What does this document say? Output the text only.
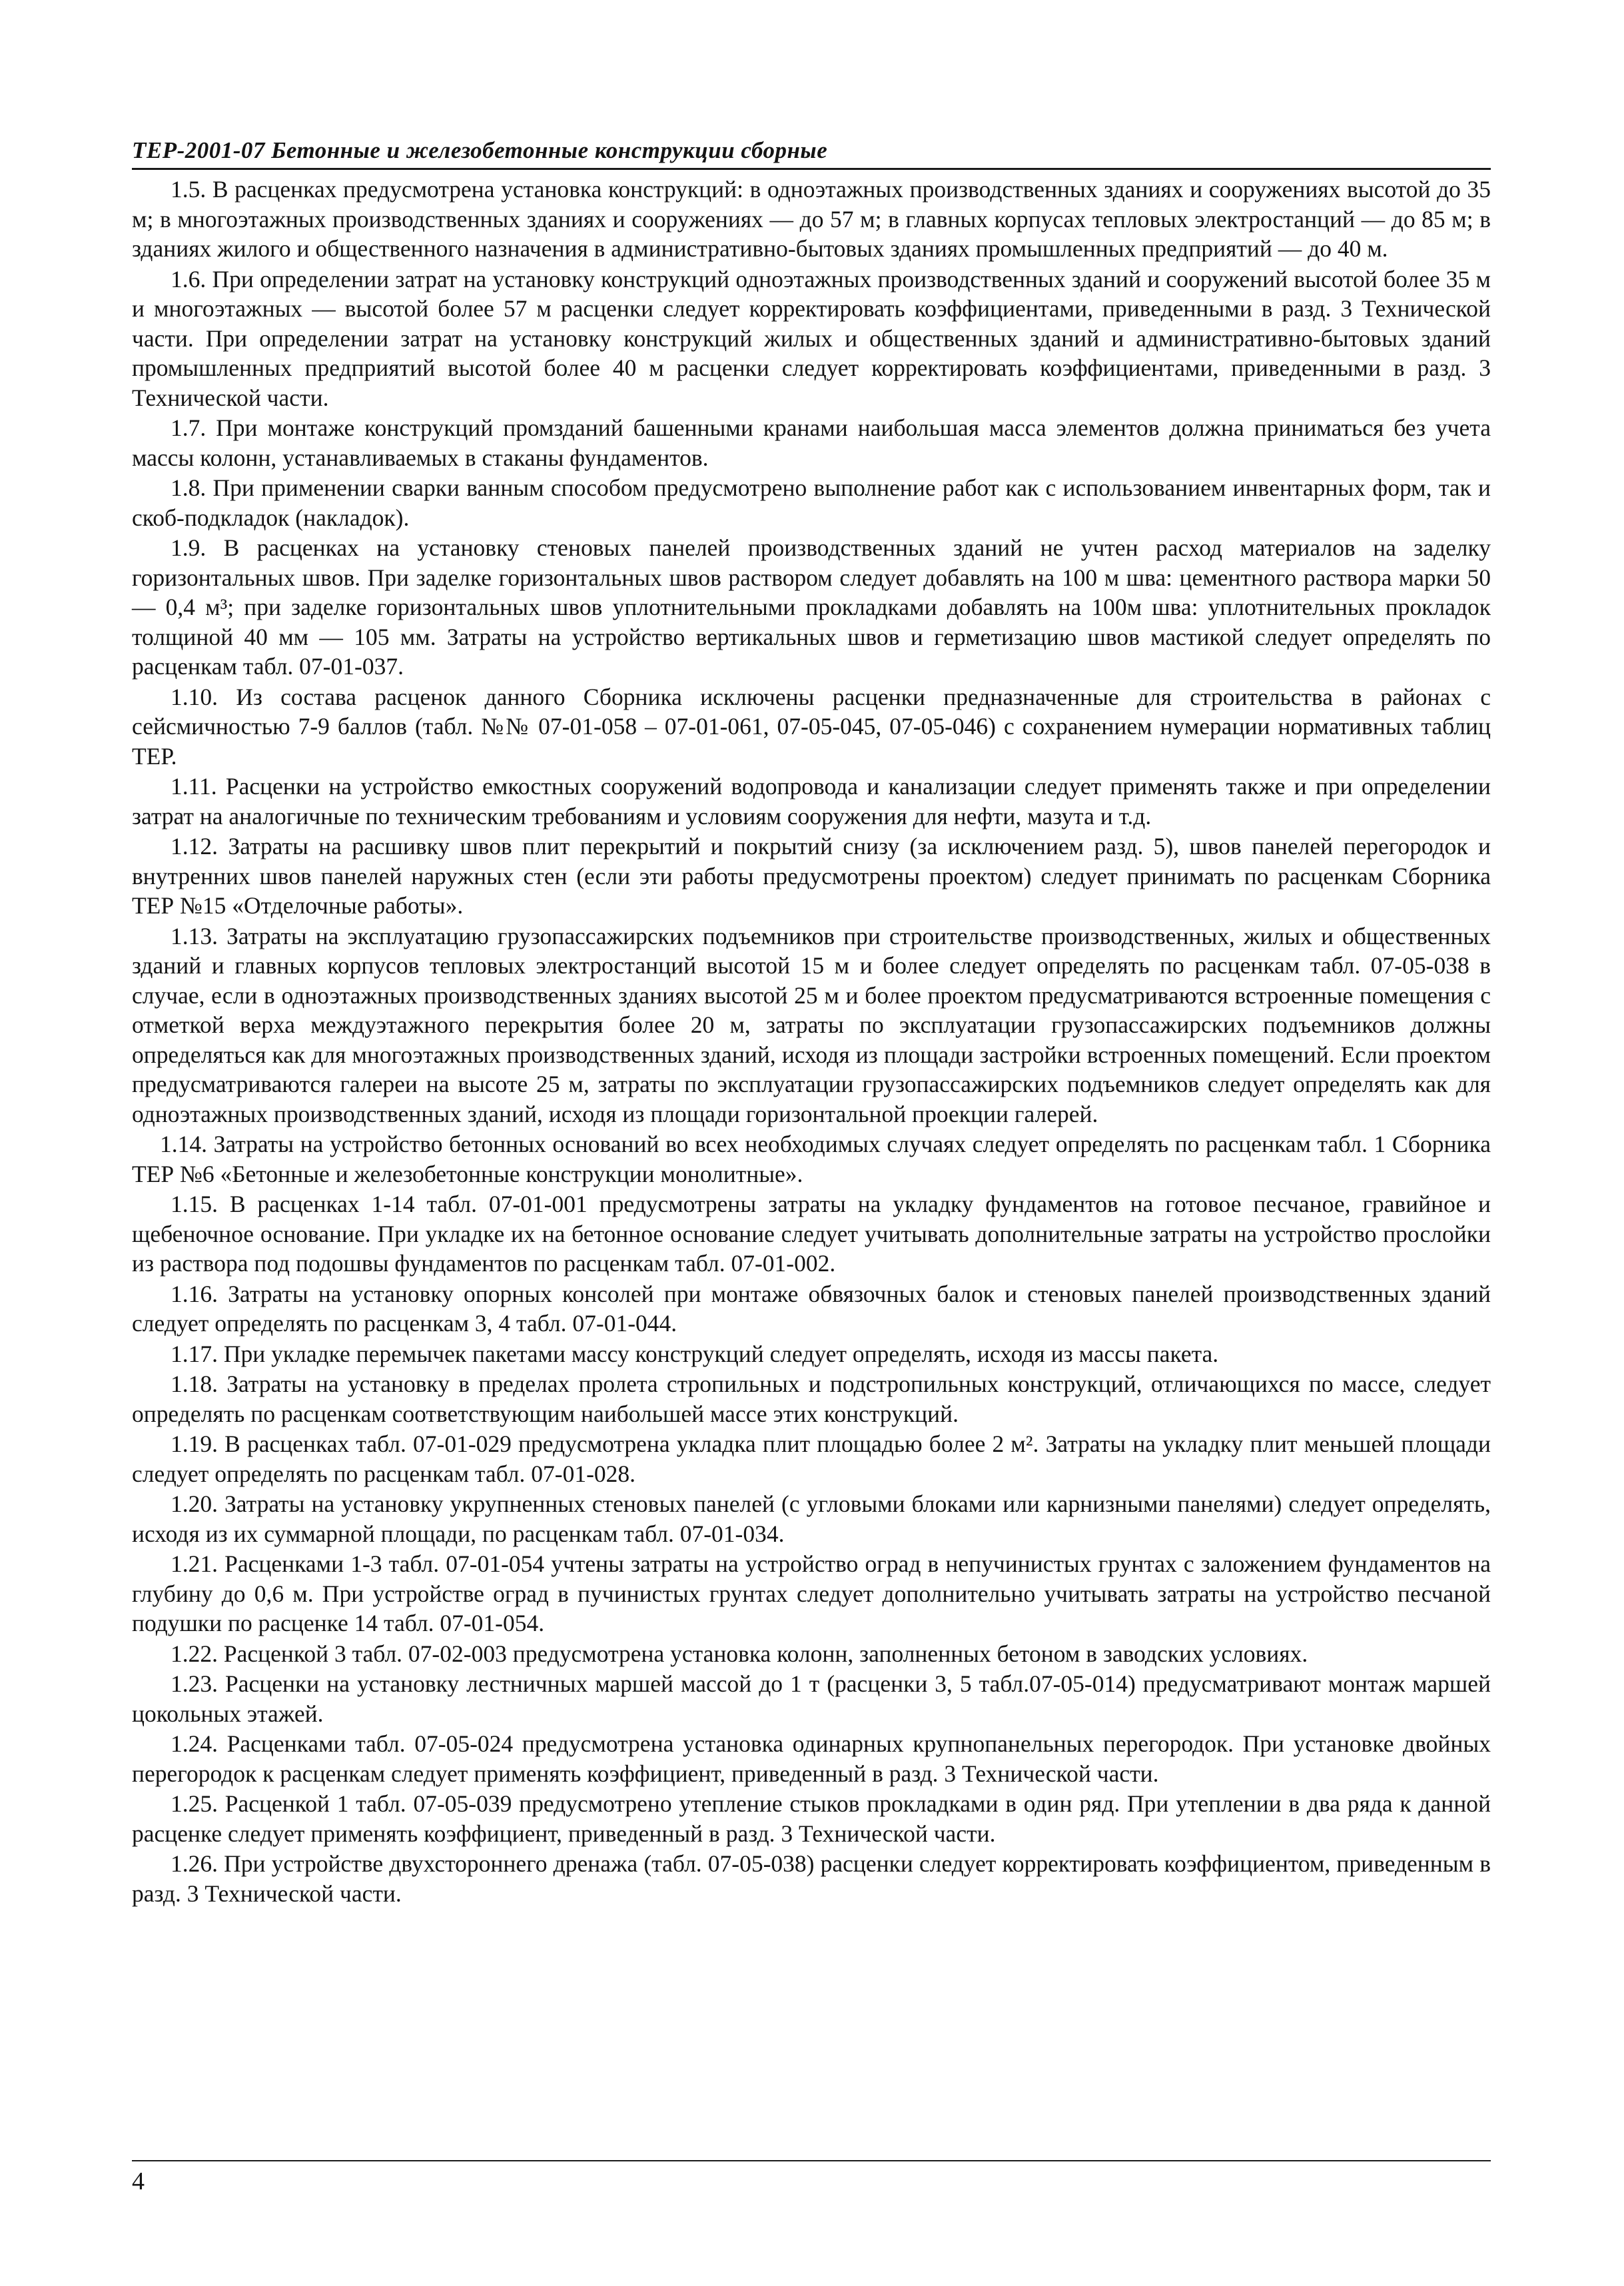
ТЕР-2001-07 Бетонные и железобетонные конструкции сборные

1.5. В расценках предусмотрена установка конструкций: в одноэтажных производственных зданиях и сооружениях высотой до 35 м; в многоэтажных производственных зданиях и сооружениях — до 57 м; в главных корпусах тепловых электростанций — до 85 м; в зданиях жилого и общественного назначения в административно-бытовых зданиях промышленных предприятий — до 40 м.

1.6. При определении затрат на установку конструкций одноэтажных производственных зданий и сооружений высотой более 35 м и многоэтажных — высотой более 57 м расценки следует корректировать коэффициентами, приведенными в разд. 3 Технической части. При определении затрат на установку конструкций жилых и общественных зданий и административно-бытовых зданий промышленных предприятий высотой более 40 м расценки следует корректировать коэффициентами, приведенными в разд. 3 Технической части.

1.7. При монтаже конструкций промзданий башенными кранами наибольшая масса элементов должна приниматься без учета массы колонн, устанавливаемых в стаканы фундаментов.

1.8. При применении сварки ванным способом предусмотрено выполнение работ как с использованием инвентарных форм, так и скоб-подкладок (накладок).

1.9. В расценках на установку стеновых панелей производственных зданий не учтен расход материалов на заделку горизонтальных швов. При заделке горизонтальных швов раствором следует добавлять на 100 м шва: цементного раствора марки 50 — 0,4 м³; при заделке горизонтальных швов уплотнительными прокладками добавлять на 100м шва: уплотнительных прокладок толщиной 40 мм — 105 мм. Затраты на устройство вертикальных швов и герметизацию швов мастикой следует определять по расценкам табл. 07-01-037.

1.10. Из состава расценок данного Сборника исключены расценки предназначенные для строительства в районах с сейсмичностью 7-9 баллов (табл. №№ 07-01-058 – 07-01-061, 07-05-045, 07-05-046) с сохранением нумерации нормативных таблиц ТЕР.

1.11. Расценки на устройство емкостных сооружений водопровода и канализации следует применять также и при определении затрат на аналогичные по техническим требованиям и условиям сооружения для нефти, мазута и т.д.

1.12. Затраты на расшивку швов плит перекрытий и покрытий снизу (за исключением разд. 5), швов панелей перегородок и внутренних швов панелей наружных стен (если эти работы предусмотрены проектом) следует принимать по расценкам Сборника ТЕР №15 «Отделочные работы».

1.13. Затраты на эксплуатацию грузопассажирских подъемников при строительстве производственных, жилых и общественных зданий и главных корпусов тепловых электростанций высотой 15 м и более следует определять по расценкам табл. 07-05-038 в случае, если в одноэтажных производственных зданиях высотой 25 м и более проектом предусматриваются встроенные помещения с отметкой верха междуэтажного перекрытия более 20 м, затраты по эксплуатации грузопассажирских подъемников должны определяться как для многоэтажных производственных зданий, исходя из площади застройки встроенных помещений. Если проектом предусматриваются галереи на высоте 25 м, затраты по эксплуатации грузопассажирских подъемников следует определять как для одноэтажных производственных зданий, исходя из площади горизонтальной проекции галерей.

1.14. Затраты на устройство бетонных оснований во всех необходимых случаях следует определять по расценкам табл. 1 Сборника ТЕР №6 «Бетонные и железобетонные конструкции монолитные».

1.15. В расценках 1-14 табл. 07-01-001 предусмотрены затраты на укладку фундаментов на готовое песчаное, гравийное и щебеночное основание. При укладке их на бетонное основание следует учитывать дополнительные затраты на устройство прослойки из раствора под подошвы фундаментов по расценкам табл. 07-01-002.

1.16. Затраты на установку опорных консолей при монтаже обвязочных балок и стеновых панелей производственных зданий следует определять по расценкам 3, 4 табл. 07-01-044.

1.17. При укладке перемычек пакетами массу конструкций следует определять, исходя из массы пакета.

1.18. Затраты на установку в пределах пролета стропильных и подстропильных конструкций, отличающихся по массе, следует определять по расценкам соответствующим наибольшей массе этих конструкций.

1.19. В расценках табл. 07-01-029 предусмотрена укладка плит площадью более 2 м². Затраты на укладку плит меньшей площади следует определять по расценкам табл. 07-01-028.

1.20. Затраты на установку укрупненных стеновых панелей (с угловыми блоками или карнизными панелями) следует определять, исходя из их суммарной площади, по расценкам табл. 07-01-034.

1.21. Расценками 1-3 табл. 07-01-054 учтены затраты на устройство оград в непучинистых грунтах с заложением фундаментов на глубину до 0,6 м. При устройстве оград в пучинистых грунтах следует дополнительно учитывать затраты на устройство песчаной подушки по расценке 14 табл. 07-01-054.

1.22. Расценкой 3 табл. 07-02-003 предусмотрена установка колонн, заполненных бетоном в заводских условиях.

1.23. Расценки на установку лестничных маршей массой до 1 т (расценки 3, 5 табл.07-05-014) предусматривают монтаж маршей цокольных этажей.

1.24. Расценками табл. 07-05-024 предусмотрена установка одинарных крупнопанельных перегородок. При установке двойных перегородок к расценкам следует применять коэффициент, приведенный в разд. 3 Технической части.

1.25. Расценкой 1 табл. 07-05-039 предусмотрено утепление стыков прокладками в один ряд. При утеплении в два ряда к данной расценке следует применять коэффициент, приведенный в разд. 3 Технической части.

1.26. При устройстве двухстороннего дренажа (табл. 07-05-038) расценки следует корректировать коэффициентом, приведенным в разд. 3 Технической части.

4
